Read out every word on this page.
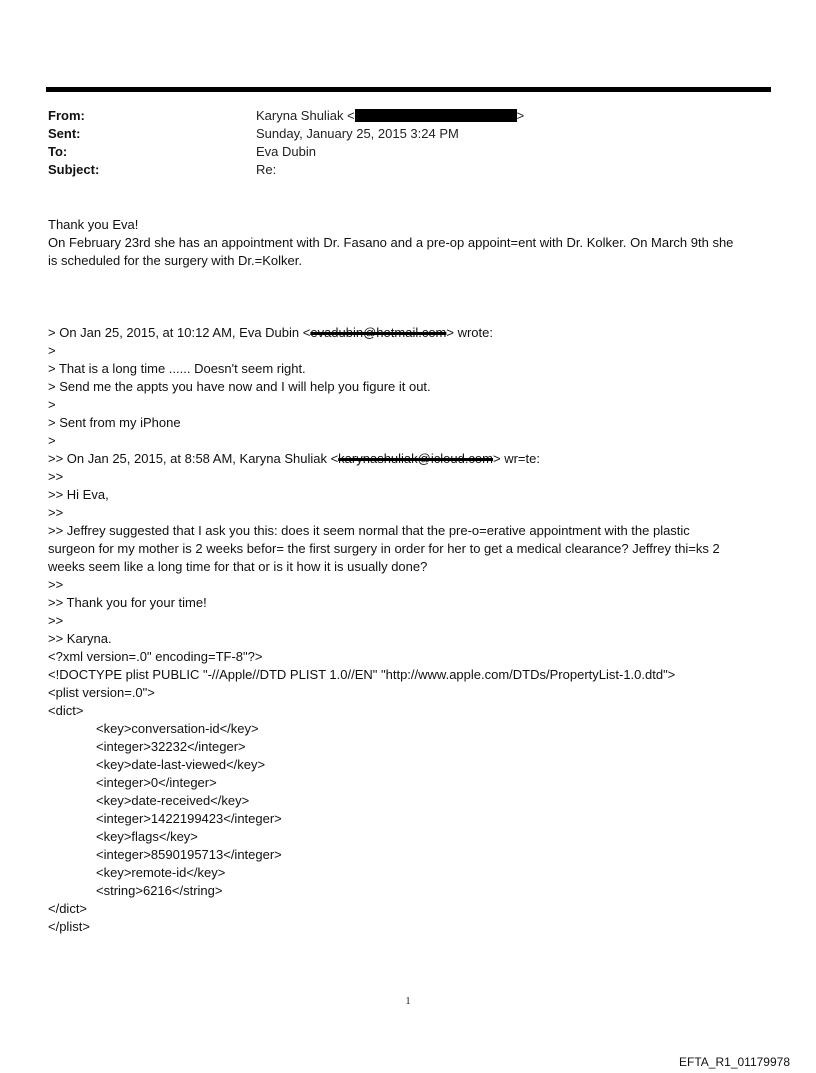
From:	Karyna Shuliak <	>
Sent:	Sunday, January 25, 2015 3:24 PM
To:	Eva Dubin
Subject:	Re:

Thank you Eva!

On February 23rd she has an appointment with Dr. Fasano and a pre-op appoint=ent with Dr. Kolker. On March 9th she

is scheduled for the surgery with Dr.=Kolker.

> On Jan 25, 2015, at 10:12 AM, Eva Dubin <evadubin@hotmail.com> wrote:

>

> That is a long time ...... Doesn't seem right.

> Send me the appts you have now and I will help you figure it out.

>

> Sent from my iPhone

>

>> On Jan 25, 2015, at 8:58 AM, Karyna Shuliak <karynashuliak@icloud.com> wr=te:

>>

>> Hi Eva,

>>

>> Jeffrey suggested that I ask you this: does it seem normal that the pre-o=erative appointment with the plastic

surgeon for my mother is 2 weeks befor= the first surgery in order for her to get a medical clearance? Jeffrey thi=ks 2

weeks seem like a long time for that or is it how it is usually done?

>>

>> Thank you for your time!

>>

>> Karyna.

<?xml version=.0" encoding=TF-8"?>

<!DOCTYPE plist PUBLIC "-//Apple//DTD PLIST 1.0//EN" "http://www.apple.com/DTDs/PropertyList-1.0.dtd">

<plist version=.0">

<dict>

<key>conversation-id</key>

<integer>32232</integer>

<key>date-last-viewed</key>

<integer>0</integer>

<key>date-received</key>

<integer>1422199423</integer>

<key>flags</key>

<integer>8590195713</integer>

<key>remote-id</key>

<string>6216</string>

</dict>

</plist>

1
EFTA_R1_01179978
